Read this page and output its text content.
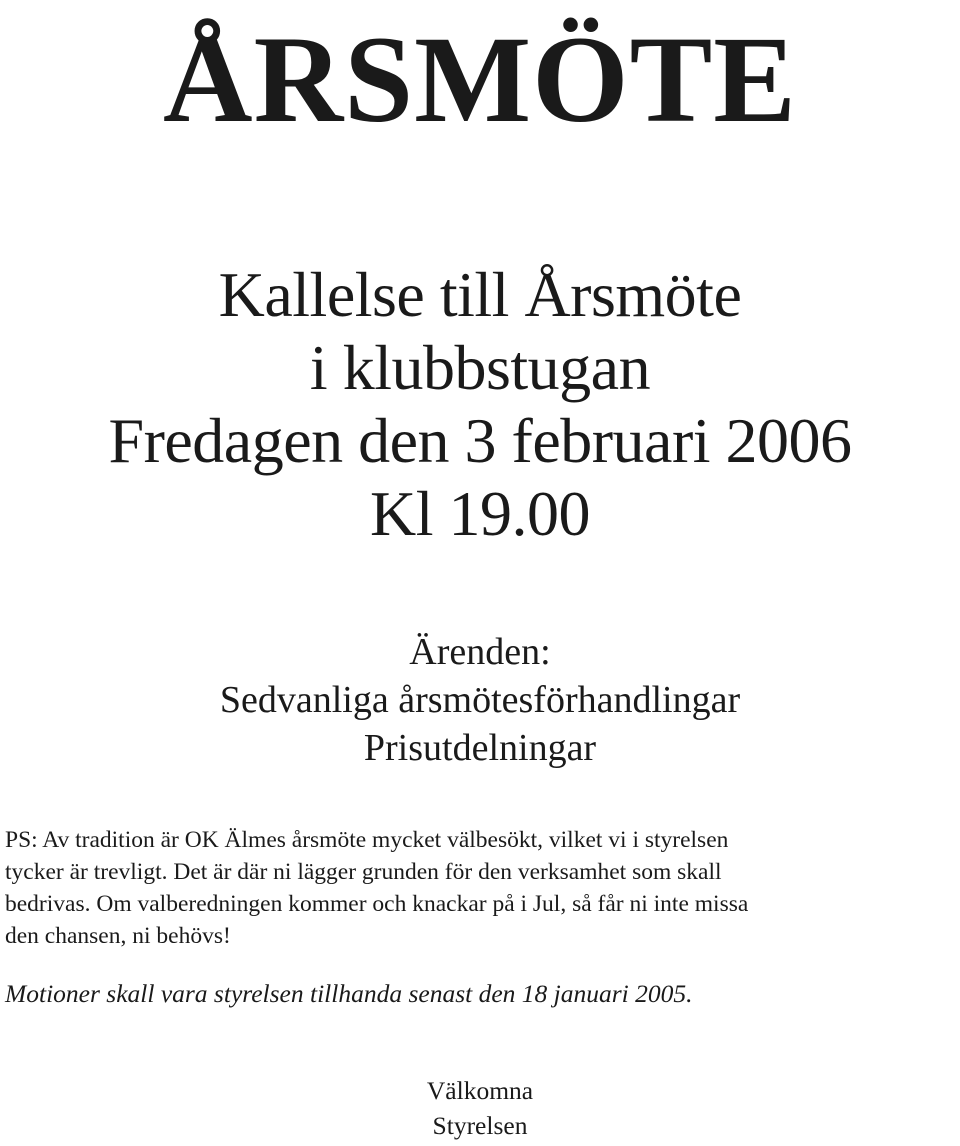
ÅRSMÖTE
Kallelse till Årsmöte
i klubbstugan
Fredagen den 3 februari 2006
Kl 19.00
Ärenden:
Sedvanliga årsmötesförhandlingar
Prisutdelningar
PS: Av tradition är OK Älmes årsmöte mycket välbesökt, vilket vi i styrelsen
tycker är trevligt. Det är där ni lägger grunden för den verksamhet som skall
bedrivas. Om valberedningen kommer och knackar på i Jul, så får ni inte missa
den chansen, ni behövs!

Motioner skall vara styrelsen tillhanda senast den 18 januari 2005.

Välkomna
Styrelsen
